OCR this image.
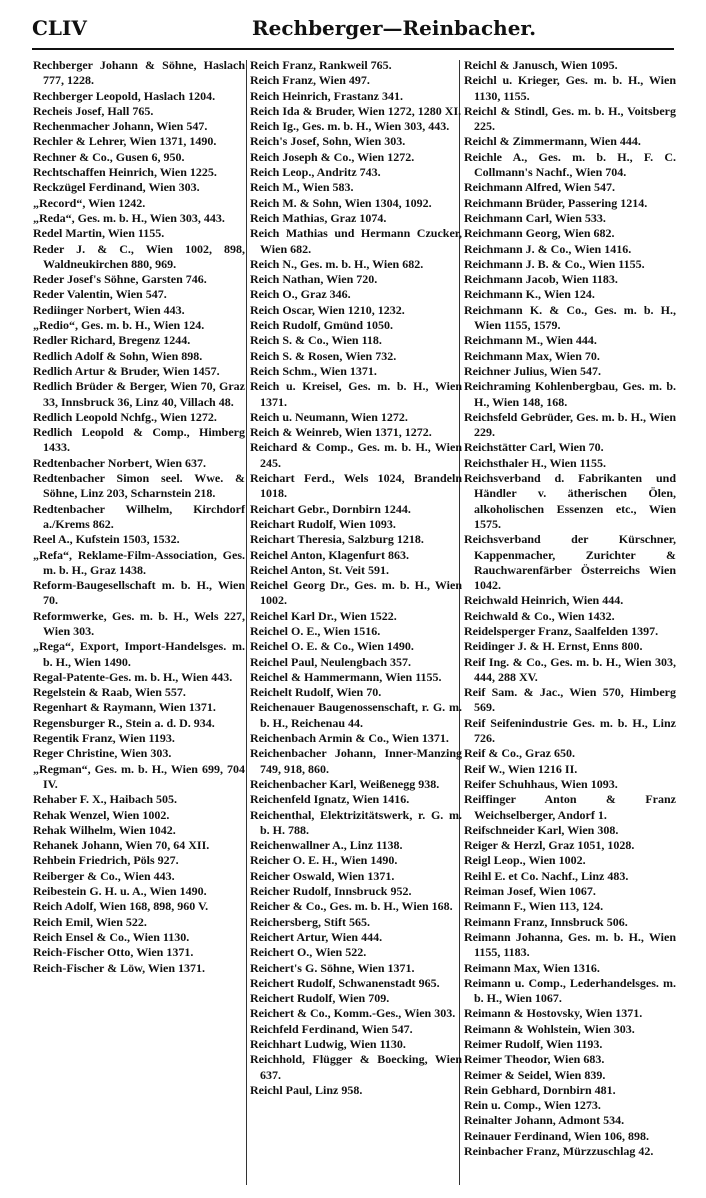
CLIV	Rechberger—Reinbacher.
Rechberger Johann & Söhne, Haslach 777, 1228.
Rechberger Leopold, Haslach 1204.
Recheis Josef, Hall 765.
Rechenmacher Johann, Wien 547.
Rechler & Lehrer, Wien 1371, 1490.
Rechner & Co., Gusen 6, 950.
Rechtschaffen Heinrich, Wien 1225.
Reckzügel Ferdinand, Wien 303.
„Record“, Wien 1242.
„Reda“, Ges. m. b. H., Wien 303, 443.
Redel Martin, Wien 1155.
Reder J. & C., Wien 1002, 898, Waldneukirchen 880, 969.
Reder Josef's Söhne, Garsten 746.
Reder Valentin, Wien 547.
Rediinger Norbert, Wien 443.
„Redio“, Ges. m. b. H., Wien 124.
Redler Richard, Bregenz 1244.
Redlich Adolf & Sohn, Wien 898.
Redlich Artur & Bruder, Wien 1457.
Redlich Brüder & Berger, Wien 70, Graz 33, Innsbruck 36, Linz 40, Villach 48.
Redlich Leopold Nchfg., Wien 1272.
Redlich Leopold & Comp., Himberg 1433.
Redtenbacher Norbert, Wien 637.
Redtenbacher Simon seel. Wwe. & Söhne, Linz 203, Scharnstein 218.
Redtenbacher Wilhelm, Kirchdorf a./Krems 862.
Reel A., Kufstein 1503, 1532.
„Refa“, Reklame-Film-Association, Ges. m. b. H., Graz 1438.
Reform-Baugesellschaft m. b. H., Wien 70.
Reformwerke, Ges. m. b. H., Wels 227, Wien 303.
„Rega“, Export, Import-Handelsges. m. b. H., Wien 1490.
Regal-Patente-Ges. m. b. H., Wien 443.
Regelstein & Raab, Wien 557.
Regenhart & Raymann, Wien 1371.
Regensburger R., Stein a. d. D. 934.
Regentik Franz, Wien 1193.
Reger Christine, Wien 303.
„Regman“, Ges. m. b. H., Wien 699, 704 IV.
Rehaber F. X., Haibach 505.
Rehak Wenzel, Wien 1002.
Rehak Wilhelm, Wien 1042.
Rehanek Johann, Wien 70, 64 XII.
Rehbein Friedrich, Pöls 927.
Reiberger & Co., Wien 443.
Reibestein G. H. u. A., Wien 1490.
Reich Adolf, Wien 168, 898, 960 V.
Reich Emil, Wien 522.
Reich Ensel & Co., Wien 1130.
Reich-Fischer Otto, Wien 1371.
Reich-Fischer & Löw, Wien 1371.
Reich Franz, Rankweil 765.
Reich Franz, Wien 497.
Reich Heinrich, Frastanz 341.
Reich Ida & Bruder, Wien 1272, 1280 XI.
Reich Ig., Ges. m. b. H., Wien 303, 443.
Reich's Josef, Sohn, Wien 303.
Reich Joseph & Co., Wien 1272.
Reich Leop., Andritz 743.
Reich M., Wien 583.
Reich M. & Sohn, Wien 1304, 1092.
Reich Mathias, Graz 1074.
Reich Mathias und Hermann Czucker, Wien 682.
Reich N., Ges. m. b. H., Wien 682.
Reich Nathan, Wien 720.
Reich O., Graz 346.
Reich Oscar, Wien 1210, 1232.
Reich Rudolf, Gmünd 1050.
Reich S. & Co., Wien 118.
Reich S. & Rosen, Wien 732.
Reich Schm., Wien 1371.
Reich u. Kreisel, Ges. m. b. H., Wien 1371.
Reich u. Neumann, Wien 1272.
Reich & Weinreb, Wien 1371, 1272.
Reichard & Comp., Ges. m. b. H., Wien 245.
Reichart Ferd., Wels 1024, Brandeln 1018.
Reichart Gebr., Dornbirn 1244.
Reichart Rudolf, Wien 1093.
Reichart Theresia, Salzburg 1218.
Reichel Anton, Klagenfurt 863.
Reichel Anton, St. Veit 591.
Reichel Georg Dr., Ges. m. b. H., Wien 1002.
Reichel Karl Dr., Wien 1522.
Reichel O. E., Wien 1516.
Reichel O. E. & Co., Wien 1490.
Reichel Paul, Neulengbach 357.
Reichel & Hammermann, Wien 1155.
Reichelt Rudolf, Wien 70.
Reichenauer Baugenossenschaft, r. G. m. b. H., Reichenau 44.
Reichenbach Armin & Co., Wien 1371.
Reichenbacher Johann, Inner-Manzing 749, 918, 860.
Reichenbacher Karl, Weißenegg 938.
Reichenfeld Ignatz, Wien 1416.
Reichenthal, Elektrizitätswerk, r. G. m. b. H. 788.
Reichenwallner A., Linz 1138.
Reicher O. E. H., Wien 1490.
Reicher Oswald, Wien 1371.
Reicher Rudolf, Innsbruck 952.
Reicher & Co., Ges. m. b. H., Wien 168.
Reichersberg, Stift 565.
Reichert Artur, Wien 444.
Reichert O., Wien 522.
Reichert's G. Söhne, Wien 1371.
Reichert Rudolf, Schwanenstadt 965.
Reichert Rudolf, Wien 709.
Reichert & Co., Komm.-Ges., Wien 303.
Reichfeld Ferdinand, Wien 547.
Reichhart Ludwig, Wien 1130.
Reichhold, Flügger & Boecking, Wien 637.
Reichl Paul, Linz 958.
Reichl & Janusch, Wien 1095.
Reichl u. Krieger, Ges. m. b. H., Wien 1130, 1155.
Reichl & Stindl, Ges. m. b. H., Voitsberg 225.
Reichl & Zimmermann, Wien 444.
Reichle A., Ges. m. b. H., F. C. Collmann's Nachf., Wien 704.
Reichmann Alfred, Wien 547.
Reichmann Brüder, Passering 1214.
Reichmann Carl, Wien 533.
Reichmann Georg, Wien 682.
Reichmann J. & Co., Wien 1416.
Reichmann J. B. & Co., Wien 1155.
Reichmann Jacob, Wien 1183.
Reichmann K., Wien 124.
Reichmann K. & Co., Ges. m. b. H., Wien 1155, 1579.
Reichmann M., Wien 444.
Reichmann Max, Wien 70.
Reichner Julius, Wien 547.
Reichraming Kohlenbergbau, Ges. m. b. H., Wien 148, 168.
Reichsfeld Gebrüder, Ges. m. b. H., Wien 229.
Reichstätter Carl, Wien 70.
Reichsthaler H., Wien 1155.
Reichsverband d. Fabrikanten und Händler v. ätherischen Ölen, alkoholischen Essenzen etc., Wien 1575.
Reichsverband der Kürschner, Kappenmacher, Zurichter & Rauchwarenfärber Österreichs Wien 1042.
Reichwald Heinrich, Wien 444.
Reichwald & Co., Wien 1432.
Reidelsperger Franz, Saalfelden 1397.
Reidinger J. & H. Ernst, Enns 800.
Reif Ing. & Co., Ges. m. b. H., Wien 303, 444, 288 XV.
Reif Sam. & Jac., Wien 570, Himberg 569.
Reif Seifenindustrie Ges. m. b. H., Linz 726.
Reif & Co., Graz 650.
Reif W., Wien 1216 II.
Reifer Schuhhaus, Wien 1093.
Reiffinger Anton & Franz Weichselberger, Andorf 1.
Reifschneider Karl, Wien 308.
Reiger & Herzl, Graz 1051, 1028.
Reigl Leop., Wien 1002.
Reihl E. et Co. Nachf., Linz 483.
Reiman Josef, Wien 1067.
Reimann F., Wien 113, 124.
Reimann Franz, Innsbruck 506.
Reimann Johanna, Ges. m. b. H., Wien 1155, 1183.
Reimann Max, Wien 1316.
Reimann u. Comp., Lederhandelsges. m. b. H., Wien 1067.
Reimann & Hostovsky, Wien 1371.
Reimann & Wohlstein, Wien 303.
Reimer Rudolf, Wien 1193.
Reimer Theodor, Wien 683.
Reimer & Seidel, Wien 839.
Rein Gebhard, Dornbirn 481.
Rein u. Comp., Wien 1273.
Reinalter Johann, Admont 534.
Reinauer Ferdinand, Wien 106, 898.
Reinbacher Franz, Mürzzuschlag 42.
